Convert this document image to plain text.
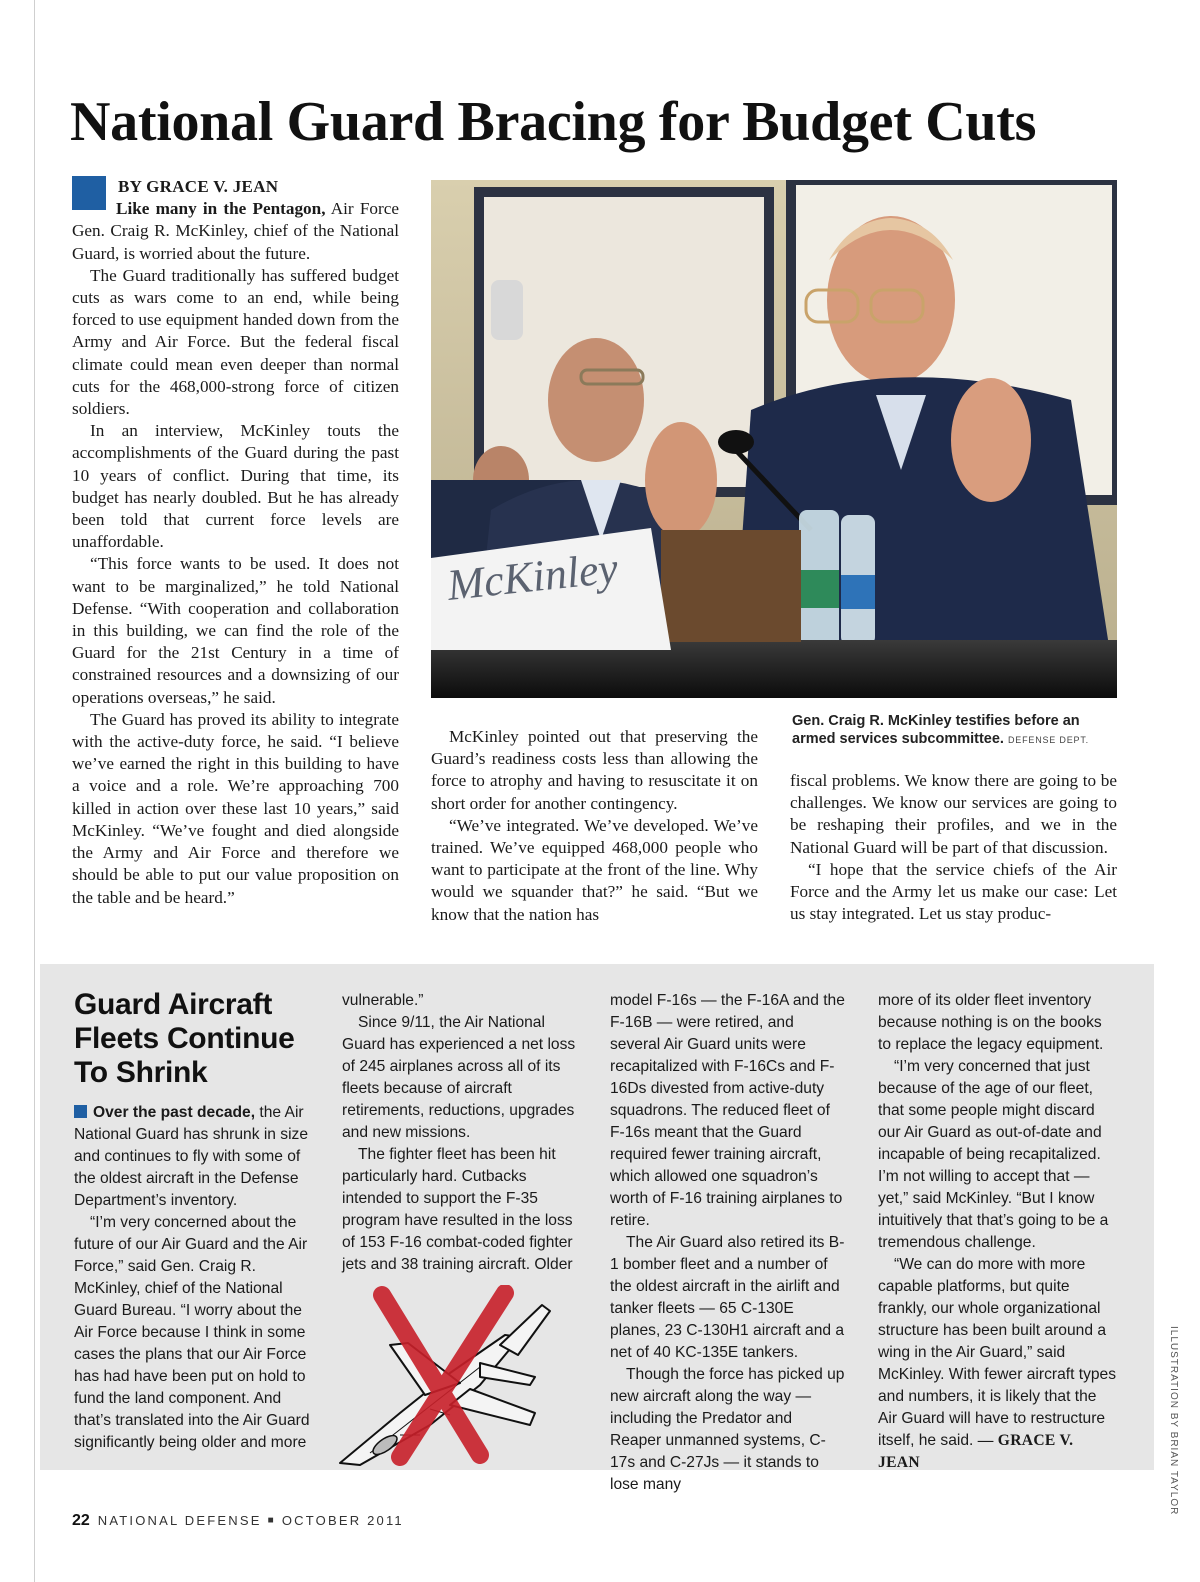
National Guard Bracing for Budget Cuts
BY GRACE V. JEAN

Like many in the Pentagon, Air Force Gen. Craig R. McKinley, chief of the National Guard, is worried about the future.

The Guard traditionally has suffered budget cuts as wars come to an end, while being forced to use equipment handed down from the Army and Air Force. But the federal fiscal climate could mean even deeper than normal cuts for the 468,000-strong force of citizen soldiers.

In an interview, McKinley touts the accomplishments of the Guard during the past 10 years of conflict. During that time, its budget has nearly doubled. But he has already been told that current force levels are unaffordable.

“This force wants to be used. It does not want to be marginalized,” he told National Defense. “With cooperation and collaboration in this building, we can find the role of the Guard for the 21st Century in a time of constrained resources and a downsizing of our operations overseas,” he said.

The Guard has proved its ability to integrate with the active-duty force, he said. “I believe we’ve earned the right in this building to have a voice and a role. We’re approaching 700 killed in action over these last 10 years,” said McKinley. “We’ve fought and died alongside the Army and Air Force and therefore we should be able to put our value proposition on the table and be heard.”

McKinley
Gen. Craig R. McKinley testifies before an armed services subcommittee. DEFENSE DEPT.

McKinley pointed out that preserving the Guard’s readiness costs less than allowing the force to atrophy and having to resuscitate it on short order for another contingency.

“We’ve integrated. We’ve developed. We’ve trained. We’ve equipped 468,000 people who want to participate at the front of the line. Why would we squander that?” he said. “But we know that the nation has

fiscal problems. We know there are going to be challenges. We know our services are going to be reshaping their profiles, and we in the National Guard will be part of that discussion.

“I hope that the service chiefs of the Air Force and the Army let us make our case: Let us stay integrated. Let us stay produc-

Guard Aircraft Fleets Continue To Shrink

Over the past decade, the Air National Guard has shrunk in size and continues to fly with some of the oldest aircraft in the Defense Department’s inventory.

“I’m very concerned about the future of our Air Guard and the Air Force,” said Gen. Craig R. McKinley, chief of the National Guard Bureau. “I worry about the Air Force because I think in some cases the plans that our Air Force has had have been put on hold to fund the land component. And that’s translated into the Air Guard significantly being older and more

vulnerable.”

Since 9/11, the Air National Guard has experienced a net loss of 245 airplanes across all of its fleets because of aircraft retirements, reductions, upgrades and new missions.

The fighter fleet has been hit particularly hard. Cutbacks intended to support the F-35 program have resulted in the loss of 153 F-16 combat-coded fighter jets and 38 training aircraft. Older

model F-16s — the F-16A and the F-16B — were retired, and several Air Guard units were recapitalized with F-16Cs and F-16Ds divested from active-duty squadrons. The reduced fleet of F-16s meant that the Guard required fewer training aircraft, which allowed one squadron’s worth of F-16 training airplanes to retire.

The Air Guard also retired its B-1 bomber fleet and a number of the oldest aircraft in the airlift and tanker fleets — 65 C-130E planes, 23 C-130H1 aircraft and a net of 40 KC-135E tankers.

Though the force has picked up new aircraft along the way — including the Predator and Reaper unmanned systems, C-17s and C-27Js — it stands to lose many

more of its older fleet inventory because nothing is on the books to replace the legacy equipment.

“I’m very concerned that just because of the age of our fleet, that some people might discard our Air Guard as out-of-date and incapable of being recapitalized. I’m not willing to accept that — yet,” said McKinley. “But I know intuitively that that’s going to be a tremendous challenge.

“We can do more with more capable platforms, but quite frankly, our whole organizational structure has been built around a wing in the Air Guard,” said McKinley. With fewer aircraft types and numbers, it is likely that the Air Guard will have to restructure itself, he said. — GRACE V. JEAN	ILLUSTRATION BY BRIAN TAYLOR
22 NATIONAL DEFENSE ■ OCTOBER 2011
